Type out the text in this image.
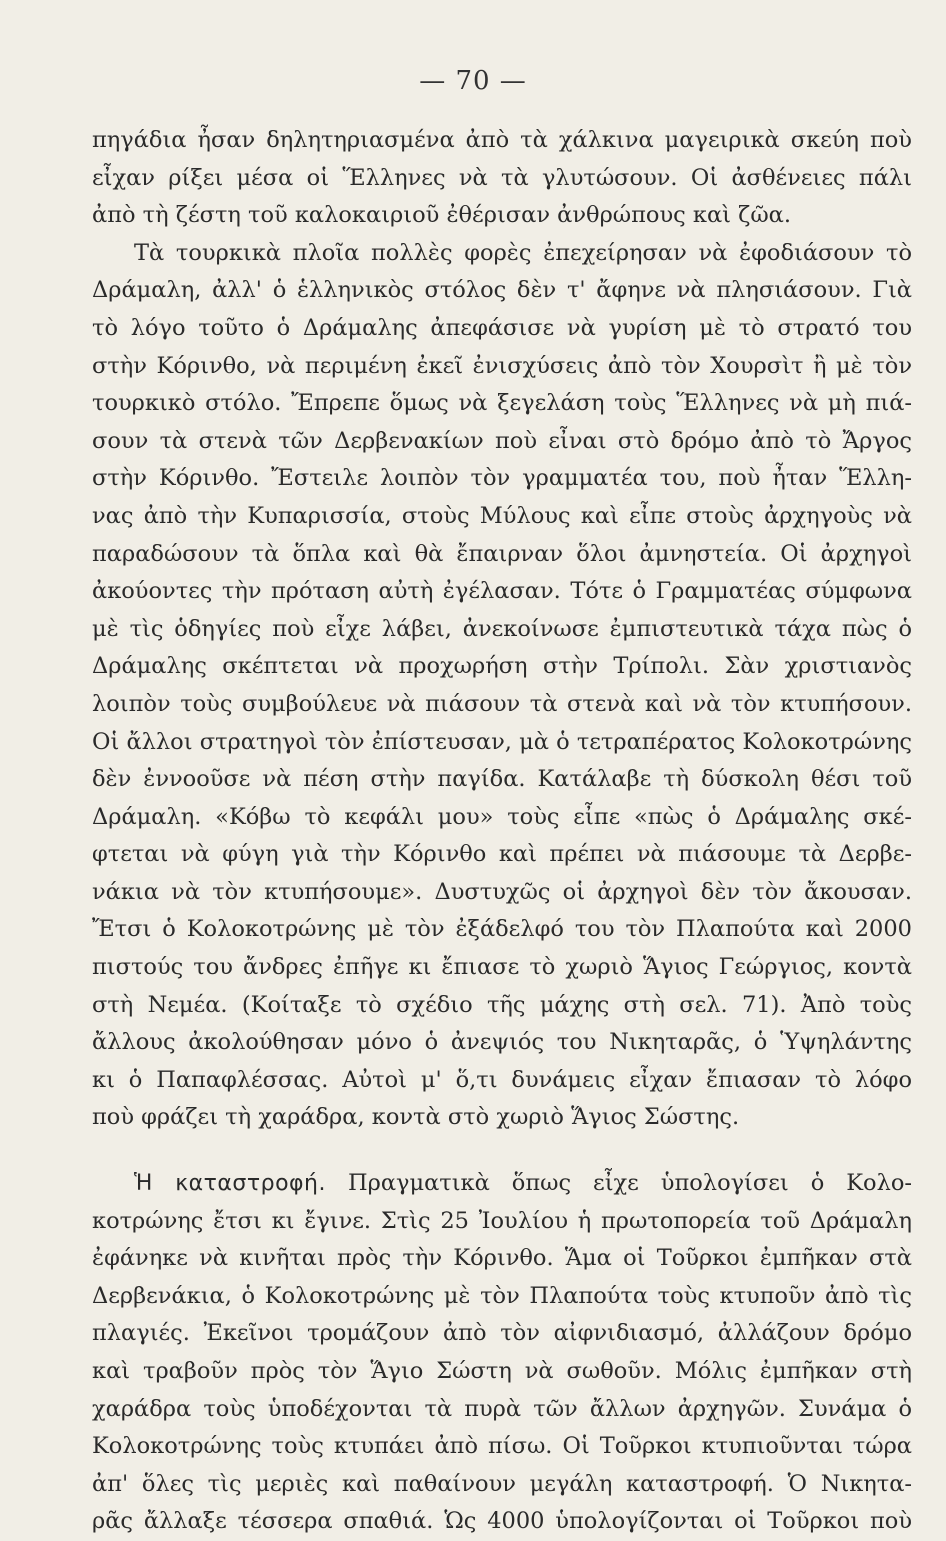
— 70 —
πηγάδια ἦσαν δηλητηριασμένα ἀπὸ τὰ χάλκινα μαγειρικὰ σκεύη ποὺ
εἶχαν ρίξει μέσα οἱ Ἕλληνες νὰ τὰ γλυτώσουν. Οἱ ἀσθένειες πάλι
ἀπὸ τὴ ζέστη τοῦ καλοκαιριοῦ ἐθέρισαν ἀνθρώπους καὶ ζῶα.
Τὰ τουρκικὰ πλοῖα πολλὲς φορὲς ἐπεχείρησαν νὰ ἐφοδιάσουν τὸ
Δράμαλη, ἀλλ' ὁ ἑλληνικὸς στόλος δὲν τ' ἄφηνε νὰ πλησιάσουν. Γιὰ
τὸ λόγο τοῦτο ὁ Δράμαλης ἀπεφάσισε νὰ γυρίση μὲ τὸ στρατό του
στὴν Κόρινθο, νὰ περιμένη ἐκεῖ ἐνισχύσεις ἀπὸ τὸν Χουρσὶτ ἢ μὲ τὸν
τουρκικὸ στόλο. Ἔπρεπε ὅμως νὰ ξεγελάση τοὺς Ἕλληνες νὰ μὴ πιά-
σουν τὰ στενὰ τῶν Δερβενακίων ποὺ εἶναι στὸ δρόμο ἀπὸ τὸ Ἄργος
στὴν Κόρινθο. Ἔστειλε λοιπὸν τὸν γραμματέα του, ποὺ ἦταν Ἕλλη-
νας ἀπὸ τὴν Κυπαρισσία, στοὺς Μύλους καὶ εἶπε στοὺς ἀρχηγοὺς νὰ
παραδώσουν τὰ ὅπλα καὶ θὰ ἔπαιρναν ὅλοι ἀμνηστεία. Οἱ ἀρχηγοὶ
ἀκούοντες τὴν πρόταση αὐτὴ ἐγέλασαν. Τότε ὁ Γραμματέας σύμφωνα
μὲ τὶς ὁδηγίες ποὺ εἶχε λάβει, ἀνεκοίνωσε ἐμπιστευτικὰ τάχα πὼς ὁ
Δράμαλης σκέπτεται νὰ προχωρήση στὴν Τρίπολι. Σὰν χριστιανὸς
λοιπὸν τοὺς συμβούλευε νὰ πιάσουν τὰ στενὰ καὶ νὰ τὸν κτυπήσουν.
Οἱ ἄλλοι στρατηγοὶ τὸν ἐπίστευσαν, μὰ ὁ τετραπέρατος Κολοκοτρώνης
δὲν ἐννοοῦσε νὰ πέση στὴν παγίδα. Κατάλαβε τὴ δύσκολη θέσι τοῦ
Δράμαλη. «Κόβω τὸ κεφάλι μου» τοὺς εἶπε «πὼς ὁ Δράμαλης σκέ-
φτεται νὰ φύγη γιὰ τὴν Κόρινθο καὶ πρέπει νὰ πιάσουμε τὰ Δερβε-
νάκια νὰ τὸν κτυπήσουμε». Δυστυχῶς οἱ ἀρχηγοὶ δὲν τὸν ἄκουσαν.
Ἔτσι ὁ Κολοκοτρώνης μὲ τὸν ἐξάδελφό του τὸν Πλαπούτα καὶ 2000
πιστούς του ἄνδρες ἐπῆγε κι ἔπιασε τὸ χωριὸ Ἅγιος Γεώργιος, κοντὰ
στὴ Νεμέα. (Κοίταξε τὸ σχέδιο τῆς μάχης στὴ σελ. 71). Ἀπὸ τοὺς
ἄλλους ἀκολούθησαν μόνο ὁ ἀνεψιός του Νικηταρᾶς, ὁ Ὑψηλάντης
κι ὁ Παπαφλέσσας. Αὐτοὶ μ' ὅ,τι δυνάμεις εἶχαν ἔπιασαν τὸ λόφο
ποὺ φράζει τὴ χαράδρα, κοντὰ στὸ χωριὸ Ἅγιος Σώστης.
Ἡ καταστροφή. Πραγματικὰ ὅπως εἶχε ὑπολογίσει ὁ Κολο-
κοτρώνης ἔτσι κι ἔγινε. Στὶς 25 Ἰουλίου ἡ πρωτοπορεία τοῦ Δράμαλη
ἐφάνηκε νὰ κινῆται πρὸς τὴν Κόρινθο. Ἅμα οἱ Τοῦρκοι ἐμπῆκαν στὰ
Δερβενάκια, ὁ Κολοκοτρώνης μὲ τὸν Πλαπούτα τοὺς κτυποῦν ἀπὸ τὶς
πλαγιές. Ἐκεῖνοι τρομάζουν ἀπὸ τὸν αἰφνιδιασμό, ἀλλάζουν δρόμο
καὶ τραβοῦν πρὸς τὸν Ἅγιο Σώστη νὰ σωθοῦν. Μόλις ἐμπῆκαν στὴ
χαράδρα τοὺς ὑποδέχονται τὰ πυρὰ τῶν ἄλλων ἀρχηγῶν. Συνάμα ὁ
Κολοκοτρώνης τοὺς κτυπάει ἀπὸ πίσω. Οἱ Τοῦρκοι κτυπιοῦνται τώρα
ἀπ' ὅλες τὶς μεριὲς καὶ παθαίνουν μεγάλη καταστροφή. Ὁ Νικητα-
ρᾶς ἄλλαξε τέσσερα σπαθιά. Ὡς 4000 ὑπολογίζονται οἱ Τοῦρκοι ποὺ
